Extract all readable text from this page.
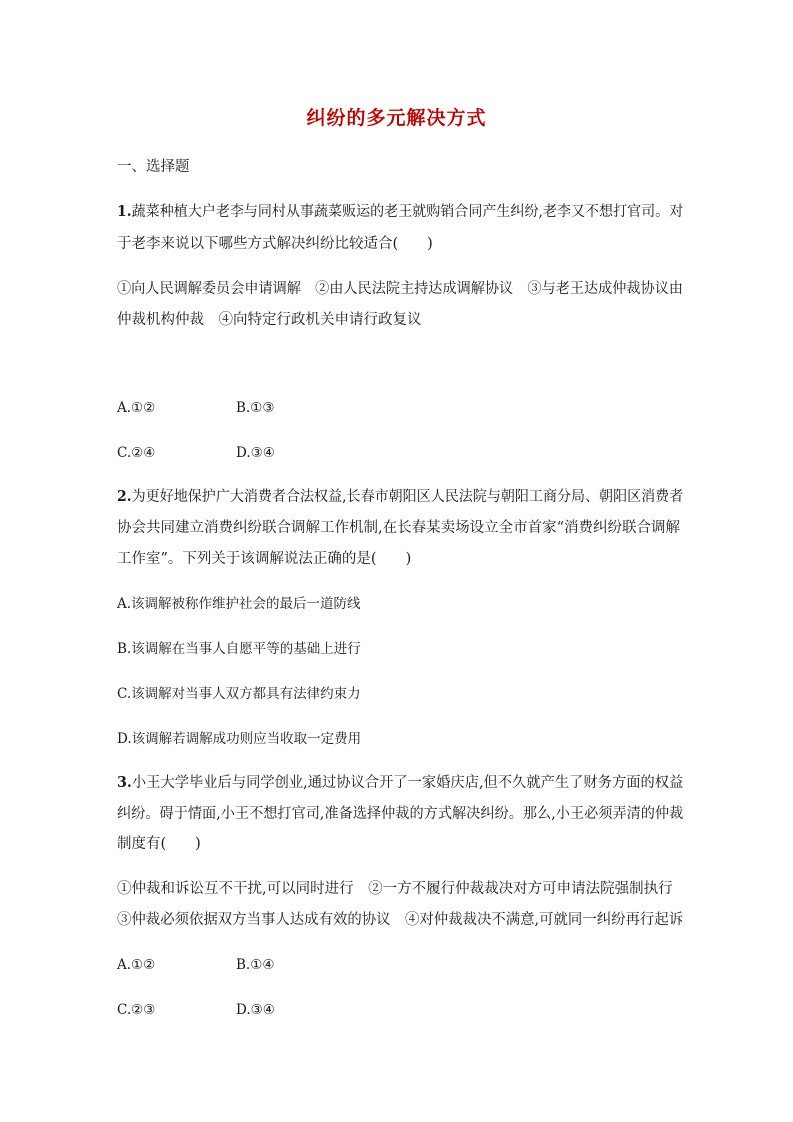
纠纷的多元解决方式
一、选择题
1.蔬菜种植大户老李与同村从事蔬菜贩运的老王就购销合同产生纠纷,老李又不想打官司。对
于老李来说以下哪些方式解决纠纷比较适合(　　)
①向人民调解委员会申请调解　②由人民法院主持达成调解协议　③与老王达成仲裁协议由
仲裁机构仲裁　④向特定行政机关申请行政复议
A.①②	B.①③
C.②④	D.③④
2.为更好地保护广大消费者合法权益,长春市朝阳区人民法院与朝阳工商分局、朝阳区消费者
协会共同建立消费纠纷联合调解工作机制,在长春某卖场设立全市首家“消费纠纷联合调解
工作室”。下列关于该调解说法正确的是(　　)
A.该调解被称作维护社会的最后一道防线
B.该调解在当事人自愿平等的基础上进行
C.该调解对当事人双方都具有法律约束力
D.该调解若调解成功则应当收取一定费用
3.小王大学毕业后与同学创业,通过协议合开了一家婚庆店,但不久就产生了财务方面的权益
纠纷。碍于情面,小王不想打官司,准备选择仲裁的方式解决纠纷。那么,小王必须弄清的仲裁
制度有(　　)
①仲裁和诉讼互不干扰,可以同时进行　②一方不履行仲裁裁决对方可申请法院强制执行
③仲裁必须依据双方当事人达成有效的协议　④对仲裁裁决不满意,可就同一纠纷再行起诉
A.①②	B.①④
C.②③	D.③④
